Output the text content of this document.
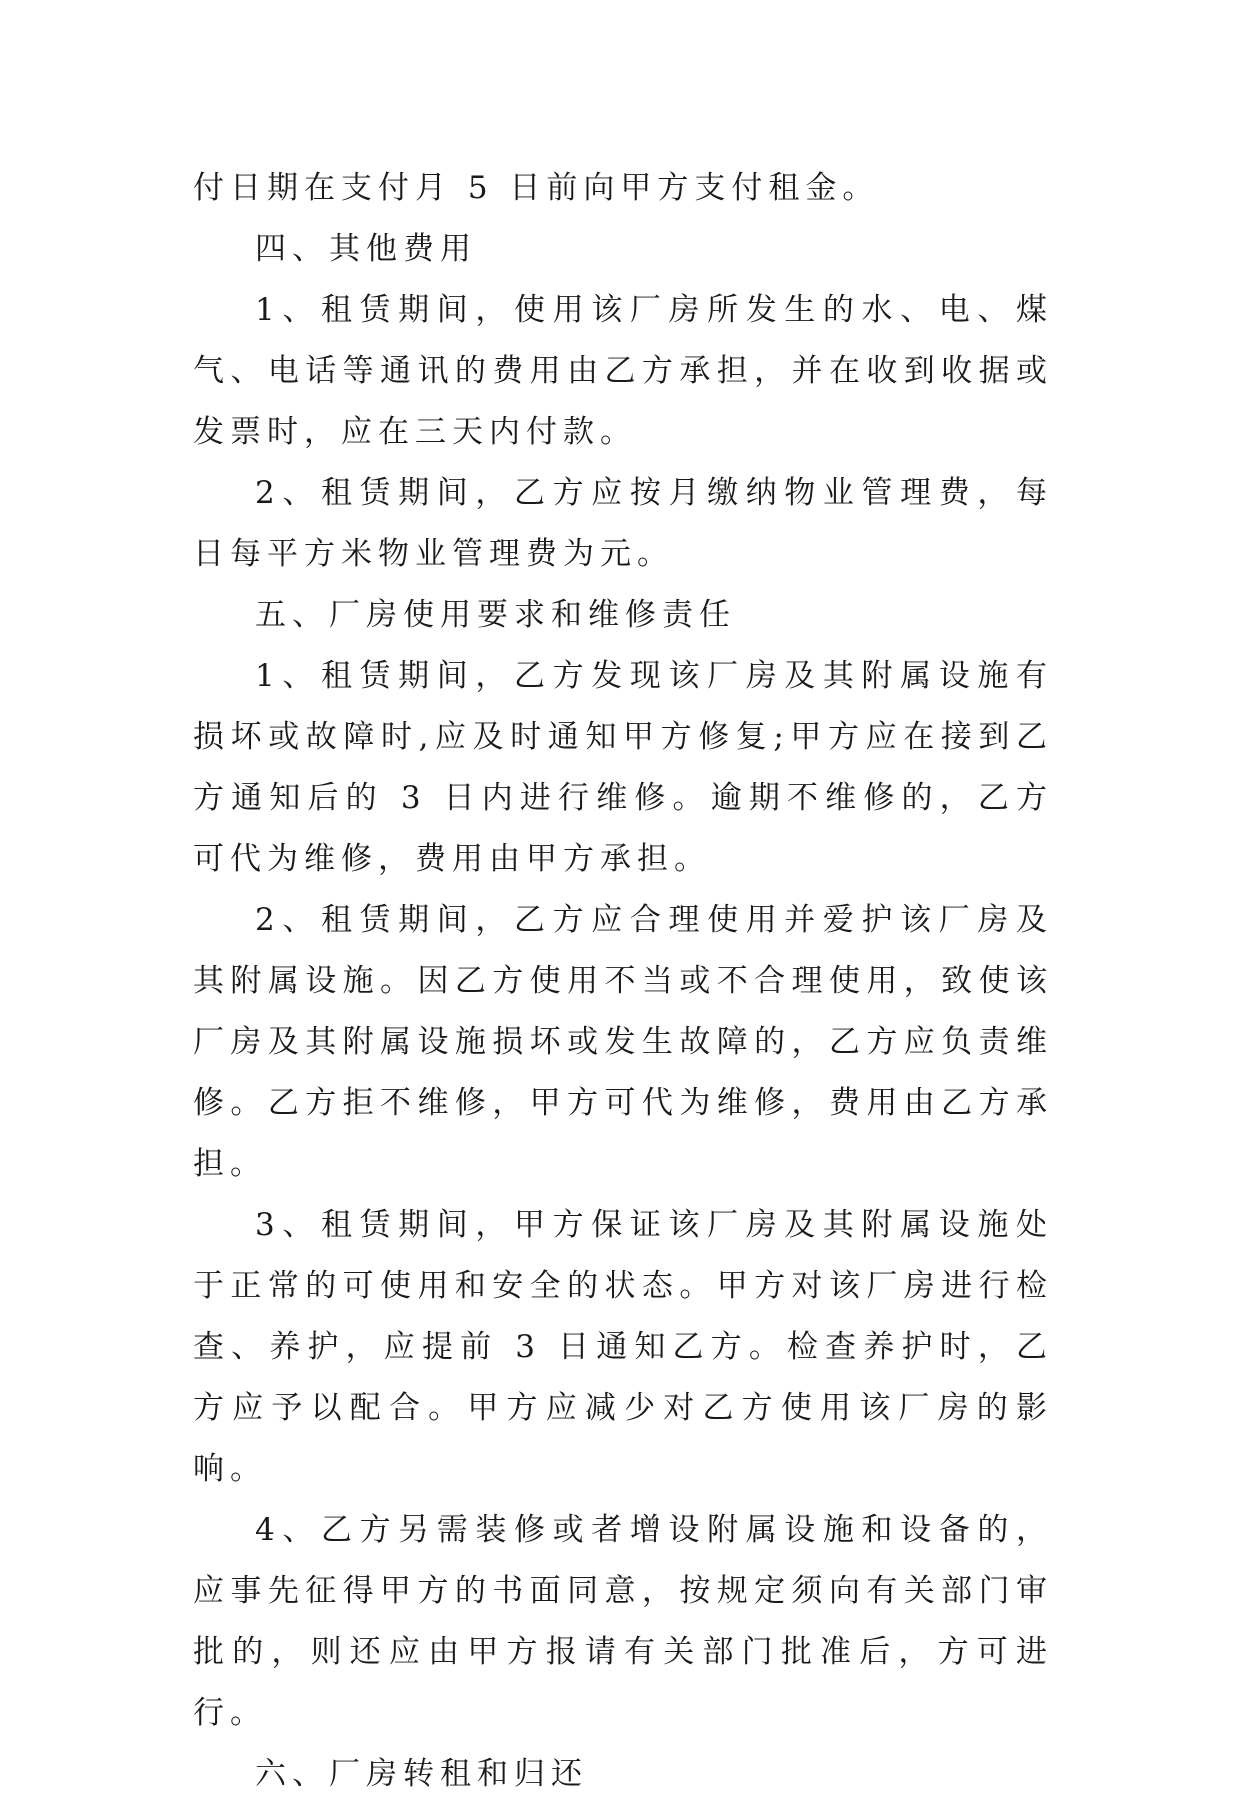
付日期在支付月 5 日前向甲方支付租金。

四、其他费用

1、租赁期间，使用该厂房所发生的水、电、煤气、电话等通讯的费用由乙方承担，并在收到收据或发票时，应在三天内付款。

2、租赁期间，乙方应按月缴纳物业管理费，每日每平方米物业管理费为元。

五、厂房使用要求和维修责任

1、租赁期间，乙方发现该厂房及其附属设施有损坏或故障时,应及时通知甲方修复;甲方应在接到乙方通知后的 3 日内进行维修。逾期不维修的，乙方可代为维修，费用由甲方承担。

2、租赁期间，乙方应合理使用并爱护该厂房及其附属设施。因乙方使用不当或不合理使用，致使该厂房及其附属设施损坏或发生故障的，乙方应负责维修。乙方拒不维修，甲方可代为维修，费用由乙方承担。

3、租赁期间，甲方保证该厂房及其附属设施处于正常的可使用和安全的状态。甲方对该厂房进行检查、养护，应提前 3 日通知乙方。检查养护时，乙方应予以配合。甲方应减少对乙方使用该厂房的影响。

4、乙方另需装修或者增设附属设施和设备的，应事先征得甲方的书面同意，按规定须向有关部门审批的，则还应由甲方报请有关部门批准后，方可进行。

六、厂房转租和归还
